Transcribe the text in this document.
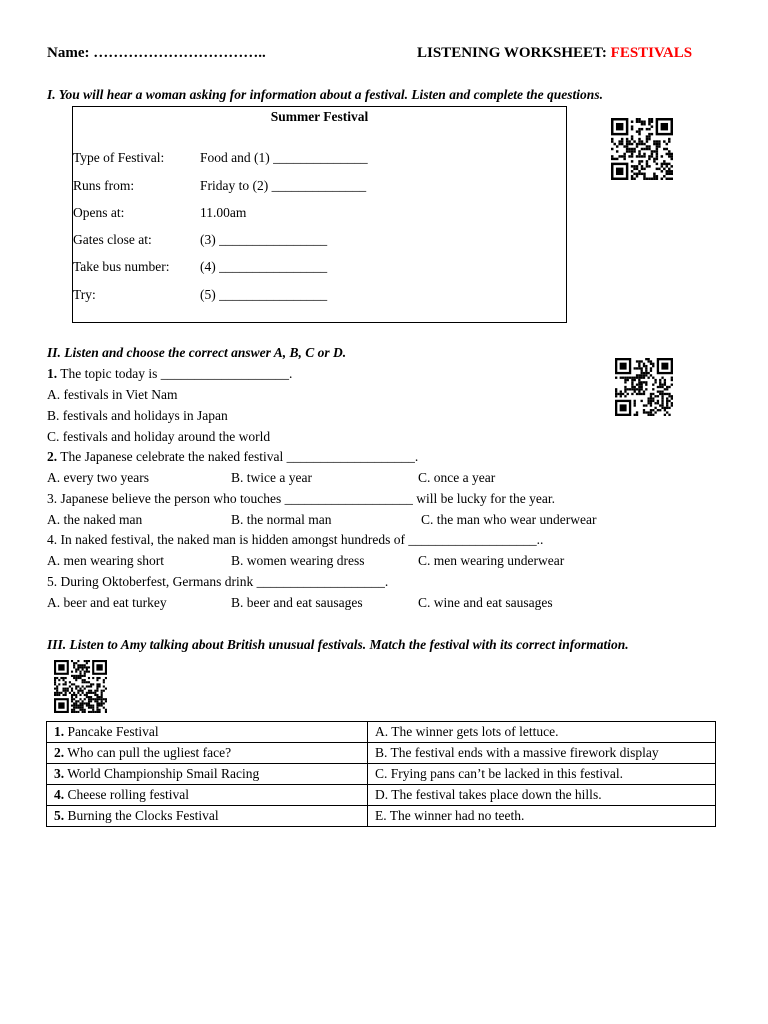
Name: ……………………………..	LISTENING WORKSHEET: FESTIVALS
I. You will hear a woman asking for information about a festival. Listen and complete the questions.
Summer Festival
Type of Festival:	Food and (1) ______________
Runs from:	Friday to (2) ______________
Opens at:	11.00am
Gates close at:	(3) ________________
Take bus number: (4) ________________
Try:	(5) ________________
II. Listen and choose the correct answer A, B, C or D.
1. The topic today is ___________________.
A. festivals in Viet Nam
B. festivals and holidays in Japan
C. festivals and holiday around the world
2. The Japanese celebrate the naked festival ___________________.
A. every two years	B. twice a year	C. once a year
3. Japanese believe the person who touches ___________________ will be lucky for the year.
A. the naked man	B. the normal man	C. the man who wear underwear
4. In naked festival, the naked man is hidden amongst hundreds of ___________________..
A. men wearing short	B. women wearing dress	C. men wearing underwear
5. During Oktoberfest, Germans drink ___________________.
A. beer and eat turkey	B. beer and eat sausages	C. wine and eat sausages
III. Listen to Amy talking about British unusual festivals. Match the festival with its correct information.
1. Pancake Festival	A. The winner gets lots of lettuce.
2. Who can pull the ugliest face?	B. The festival ends with a massive firework display
3. World Championship Smail Racing	C. Frying pans can’t be lacked in this festival.
4. Cheese rolling festival	D. The festival takes place down the hills.
5. Burning the Clocks Festival	E. The winner had no teeth.
